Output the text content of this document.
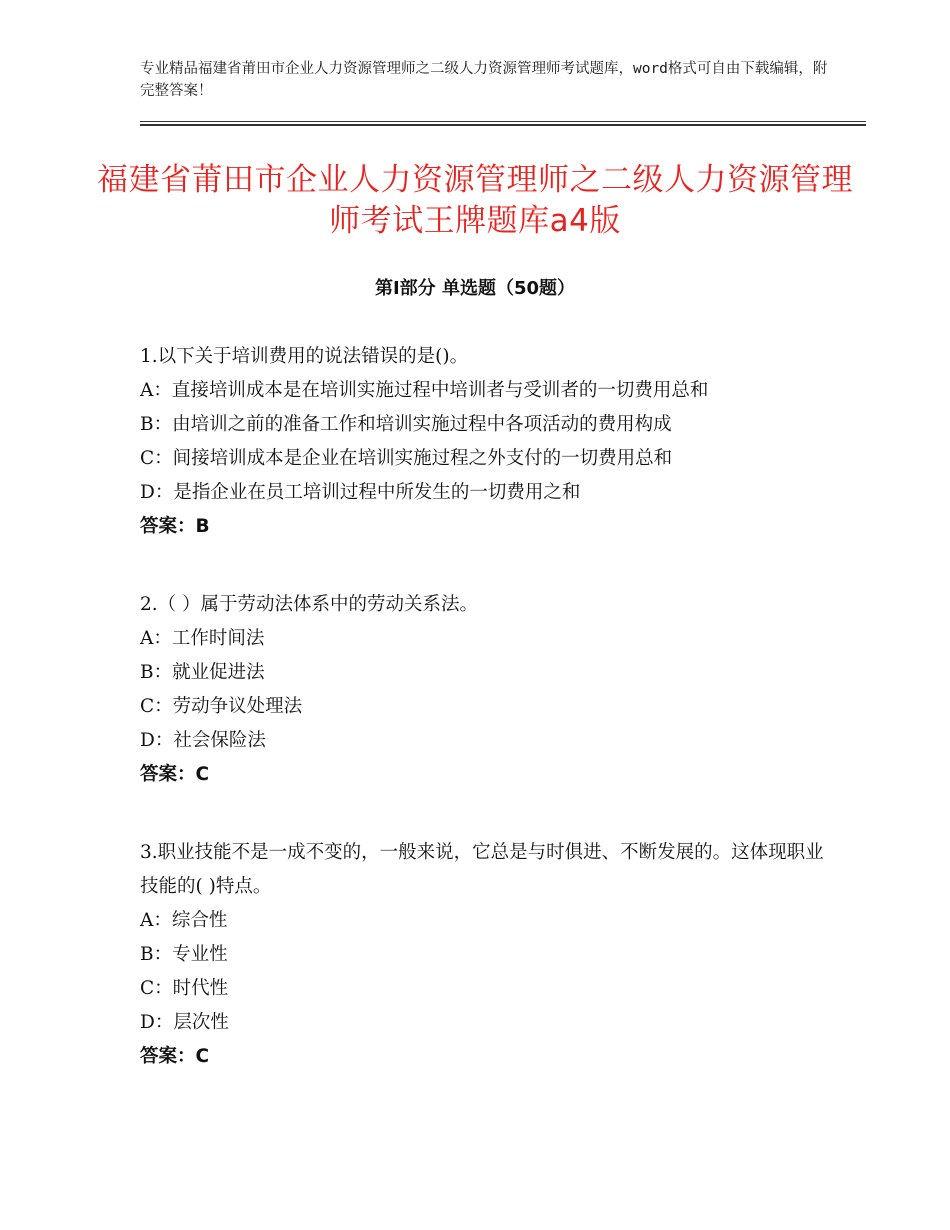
专业精品福建省莆田市企业人力资源管理师之二级人力资源管理师考试题库，word格式可自由下载编辑，附完整答案！
福建省莆田市企业人力资源管理师之二级人力资源管理师考试王牌题库a4版
第Ⅰ部分 单选题（50题）
1.以下关于培训费用的说法错误的是()。
A：直接培训成本是在培训实施过程中培训者与受训者的一切费用总和
B：由培训之前的准备工作和培训实施过程中各项活动的费用构成
C：间接培训成本是企业在培训实施过程之外支付的一切费用总和
D：是指企业在员工培训过程中所发生的一切费用之和
答案：B
2.（ ）属于劳动法体系中的劳动关系法。
A：工作时间法
B：就业促进法
C：劳动争议处理法
D：社会保险法
答案：C
3.职业技能不是一成不变的，一般来说，它总是与时俱进、不断发展的。这体现职业技能的( )特点。
A：综合性
B：专业性
C：时代性
D：层次性
答案：C
